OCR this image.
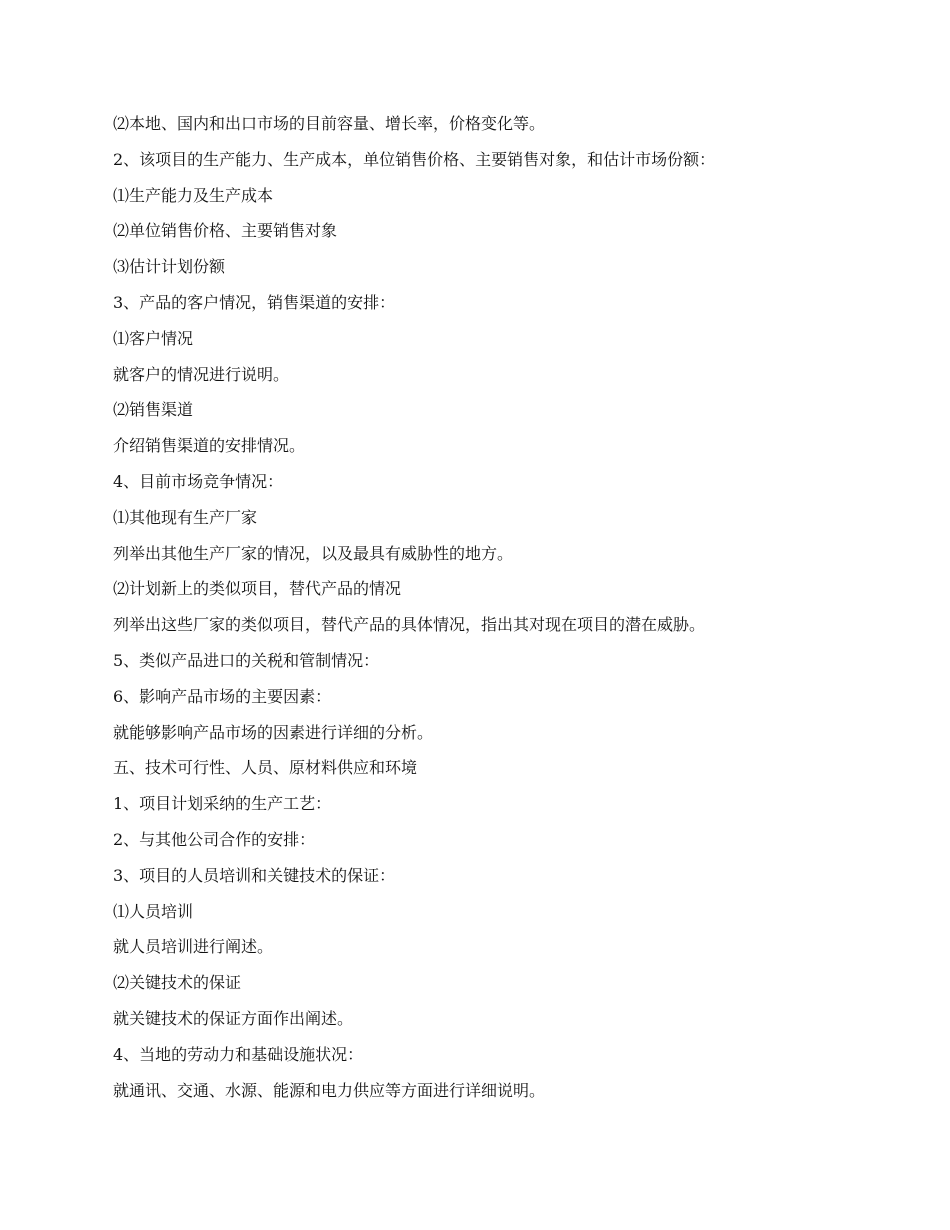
⑵本地、国内和出口市场的目前容量、增长率，价格变化等。
2、该项目的生产能力、生产成本，单位销售价格、主要销售对象，和估计市场份额：
⑴生产能力及生产成本
⑵单位销售价格、主要销售对象
⑶估计计划份额
3、产品的客户情况，销售渠道的安排：
⑴客户情况
就客户的情况进行说明。
⑵销售渠道
介绍销售渠道的安排情况。
4、目前市场竞争情况：
⑴其他现有生产厂家
列举出其他生产厂家的情况，以及最具有威胁性的地方。
⑵计划新上的类似项目，替代产品的情况
列举出这些厂家的类似项目，替代产品的具体情况，指出其对现在项目的潜在威胁。
5、类似产品进口的关税和管制情况：
6、影响产品市场的主要因素：
就能够影响产品市场的因素进行详细的分析。
五、技术可行性、人员、原材料供应和环境
1、项目计划采纳的生产工艺：
2、与其他公司合作的安排：
3、项目的人员培训和关键技术的保证：
⑴人员培训
就人员培训进行阐述。
⑵关键技术的保证
就关键技术的保证方面作出阐述。
4、当地的劳动力和基础设施状况：
就通讯、交通、水源、能源和电力供应等方面进行详细说明。
